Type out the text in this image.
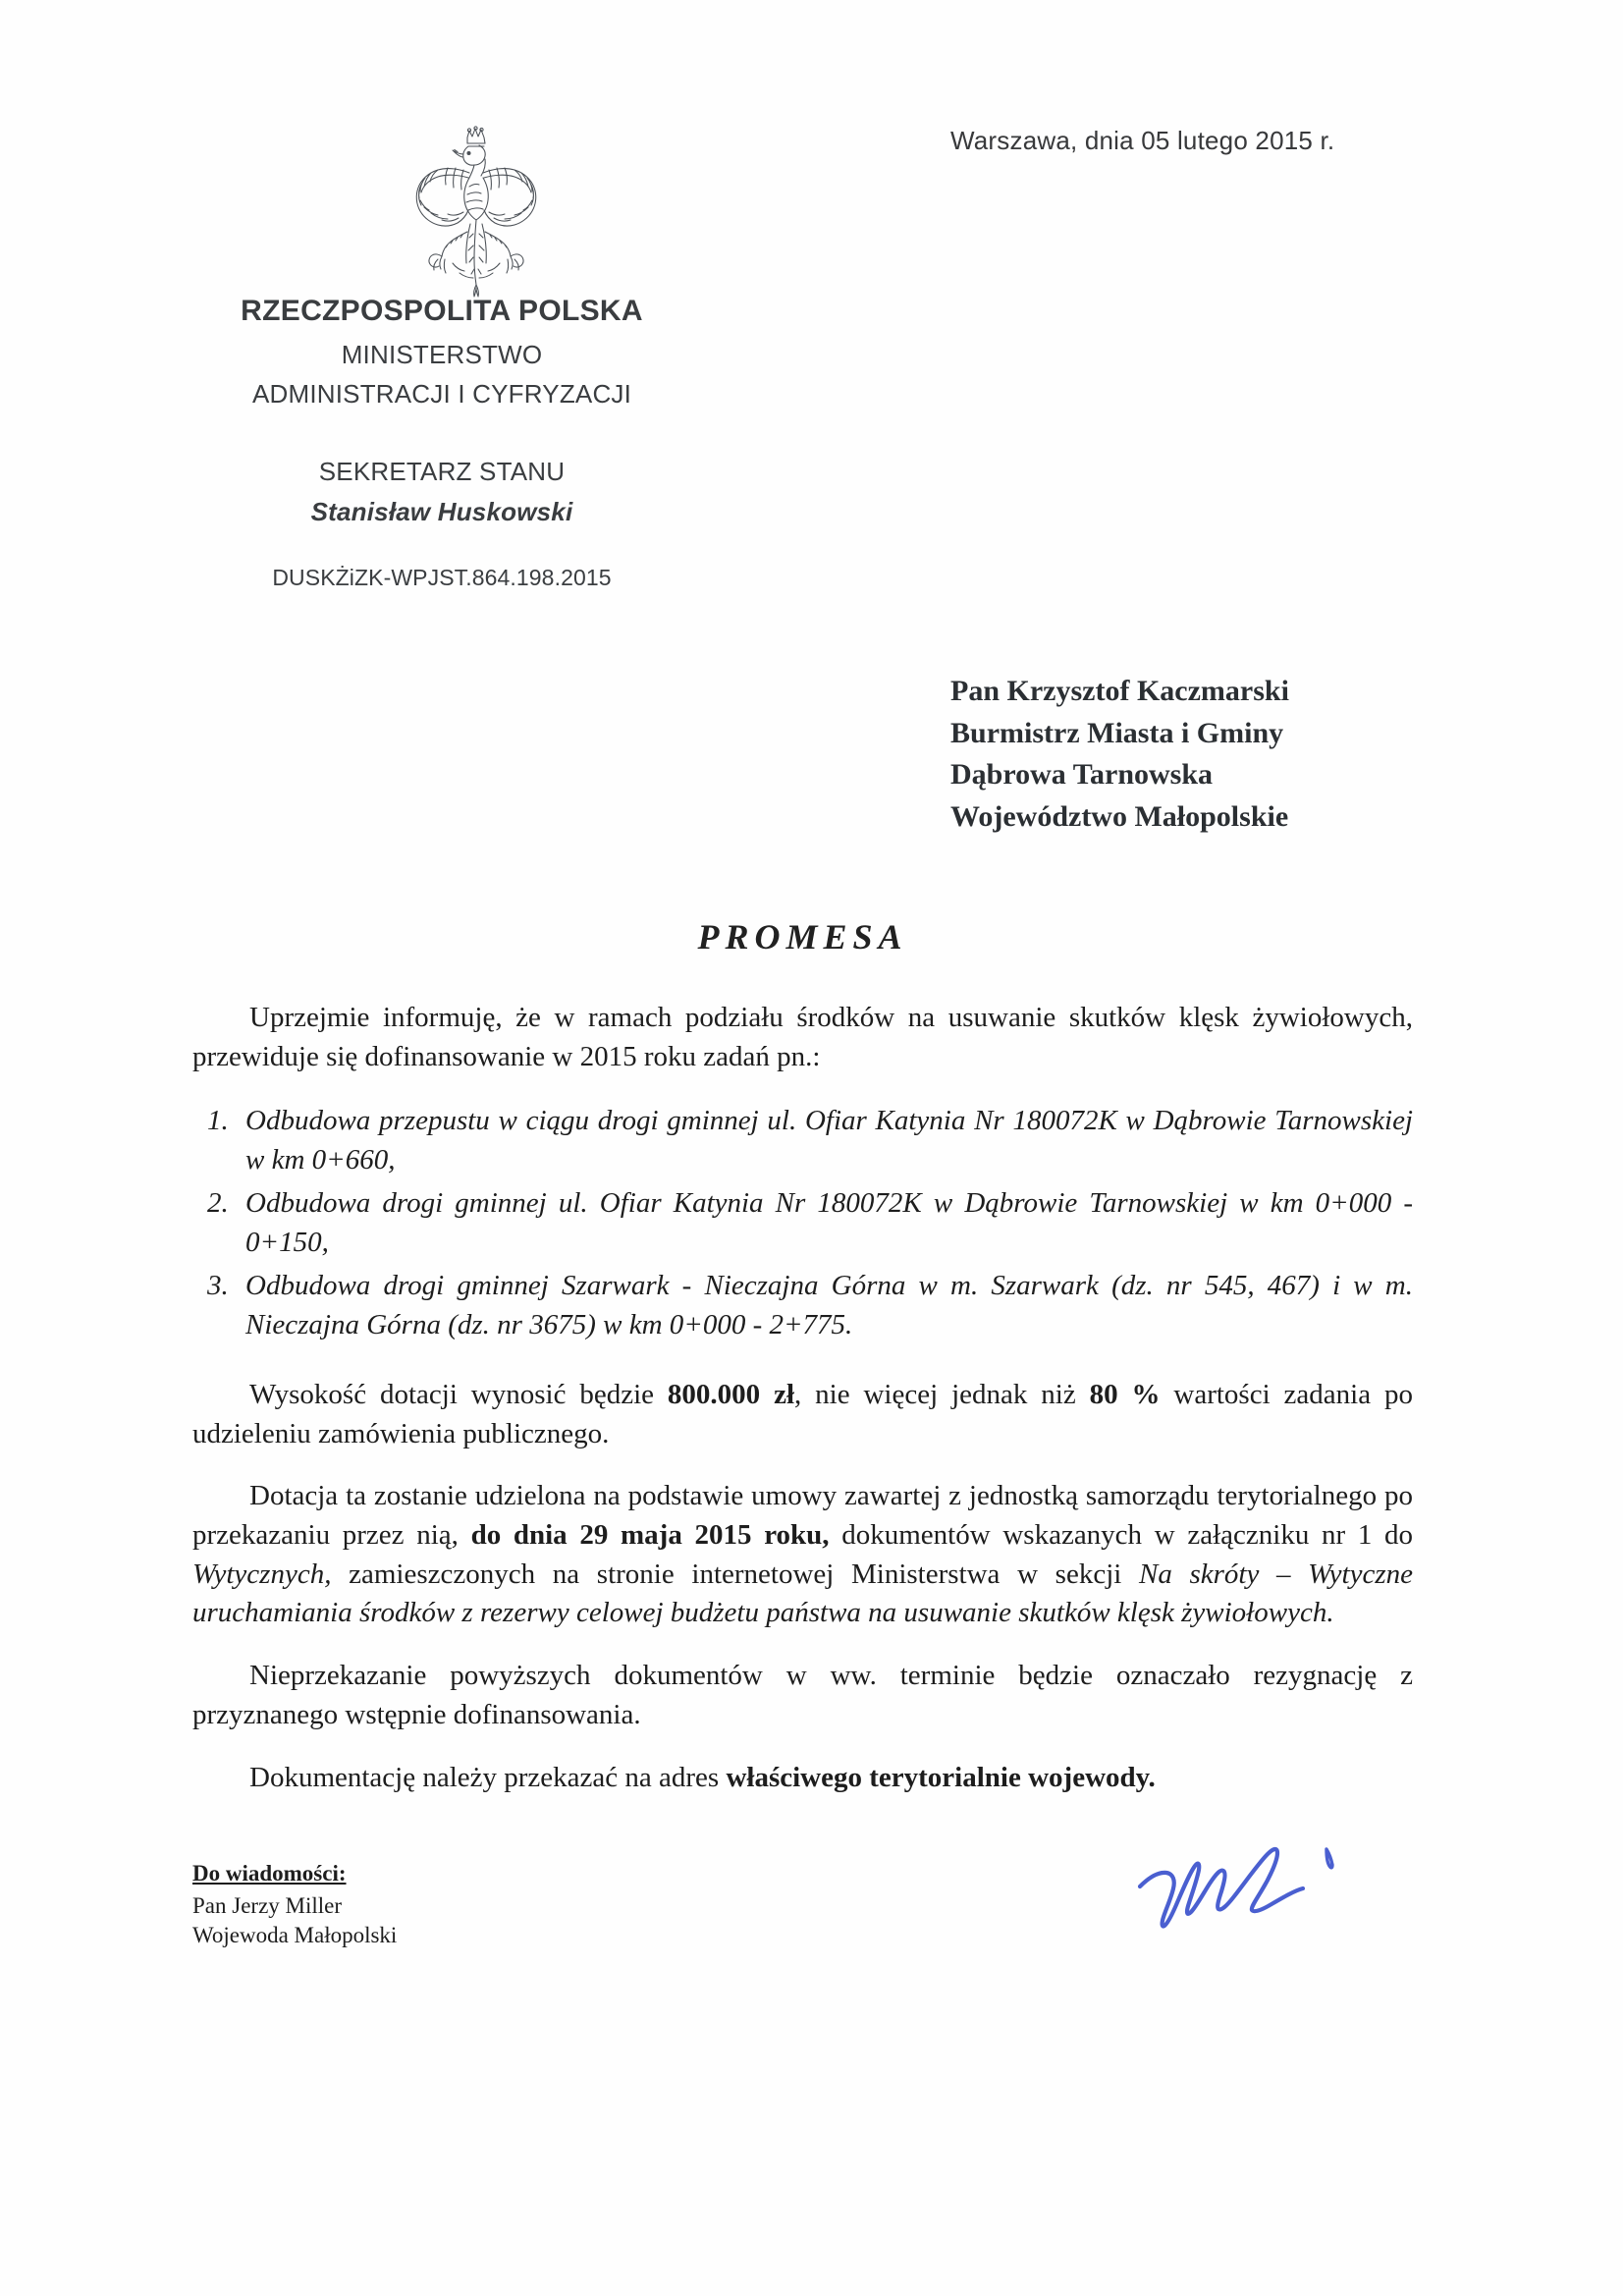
Warszawa, dnia 05 lutego 2015 r.
RZECZPOSPOLITA POLSKA
MINISTERSTWO
ADMINISTRACJI I CYFRYZACJI
SEKRETARZ STANU
Stanisław Huskowski
DUSKŻiZK-WPJST.864.198.2015
Pan Krzysztof Kaczmarski
Burmistrz Miasta i Gminy
Dąbrowa Tarnowska
Województwo Małopolskie
PROMESA

Uprzejmie informuję, że w ramach podziału środków na usuwanie skutków klęsk żywiołowych, przewiduje się dofinansowanie w 2015 roku zadań pn.:

1. Odbudowa przepustu w ciągu drogi gminnej ul. Ofiar Katynia Nr 180072K w Dąbrowie Tarnowskiej w km 0+660,
2. Odbudowa drogi gminnej ul. Ofiar Katynia Nr 180072K w Dąbrowie Tarnowskiej w km 0+000 - 0+150,
3. Odbudowa drogi gminnej Szarwark - Nieczajna Górna w m. Szarwark (dz. nr 545, 467) i w m. Nieczajna Górna (dz. nr 3675) w km 0+000 - 2+775.

Wysokość dotacji wynosić będzie 800.000 zł, nie więcej jednak niż 80 % wartości zadania po udzieleniu zamówienia publicznego.

Dotacja ta zostanie udzielona na podstawie umowy zawartej z jednostką samorządu terytorialnego po przekazaniu przez nią, do dnia 29 maja 2015 roku, dokumentów wskazanych w załączniku nr 1 do Wytycznych, zamieszczonych na stronie internetowej Ministerstwa w sekcji Na skróty – Wytyczne uruchamiania środków z rezerwy celowej budżetu państwa na usuwanie skutków klęsk żywiołowych.

Nieprzekazanie powyższych dokumentów w ww. terminie będzie oznaczało rezygnację z przyznanego wstępnie dofinansowania.

Dokumentację należy przekazać na adres właściwego terytorialnie wojewody.

Do wiadomości:
Pan Jerzy Miller
Wojewoda Małopolski
